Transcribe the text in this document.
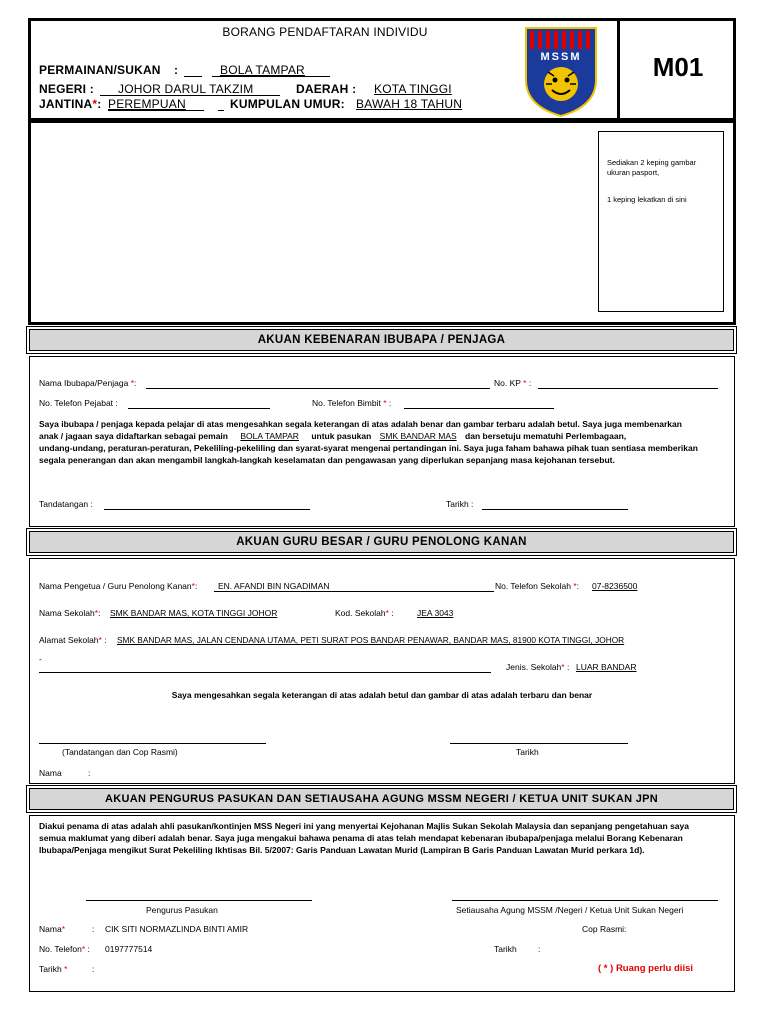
BORANG PENDAFTARAN INDIVIDU
PERMAINAN/SUKAN :	BOLA TAMPAR
NEGERI : JOHOR DARUL TAKZIM	DAERAH : KOTA TINGGI
JANTINA*: PEREMPUAN	KUMPULAN UMUR: BAWAH 18 TAHUN
MSSM	M01
Sediakan 2 keping gambar ukuran pasport,
1 keping lekatkan di sini
AKUAN KEBENARAN IBUBAPA / PENJAGA
Nama Ibubapa/Penjaga *:	No. KP * :
No. Telefon Pejabat :	No. Telefon Bimbit * :
Saya ibubapa / penjaga kepada pelajar di atas mengesahkan segala keterangan di atas adalah benar dan gambar terbaru adalah betul. Saya juga membenarkan
anak / jagaan saya didaftarkan sebagai pemain BOLA TAMPAR untuk pasukan SMK BANDAR MAS dan bersetuju mematuhi Perlembagaan,
undang-undang, peraturan-peraturan, Pekeliling-pekeliling dan syarat-syarat mengenai pertandingan ini. Saya juga faham bahawa pihak tuan sentiasa memberikan
segala penerangan dan akan mengambil langkah-langkah keselamatan dan pengawasan yang diperlukan sepanjang masa kejohanan tersebut.
Tandatangan :	Tarikh :
AKUAN GURU BESAR / GURU PENOLONG KANAN
Nama Pengetua / Guru Penolong Kanan*: EN. AFANDI BIN NGADIMAN	No. Telefon Sekolah *: 07-8236500
Nama Sekolah*: SMK BANDAR MAS, KOTA TINGGI JOHOR	Kod. Sekolah* :	JEA 3043
Alamat Sekolah* : SMK BANDAR MAS, JALAN CENDANA UTAMA, PETI SURAT POS BANDAR PENAWAR, BANDAR MAS, 81900 KOTA TINGGI, JOHOR
-
Jenis. Sekolah* : LUAR BANDAR
Saya mengesahkan segala keterangan di atas adalah betul dan gambar di atas adalah terbaru dan benar
(Tandatangan dan Cop Rasmi)	Tarikh
Nama	:
AKUAN PENGURUS PASUKAN DAN SETIAUSAHA AGUNG MSSM NEGERI / KETUA UNIT SUKAN JPN
Diakui penama di atas adalah ahli pasukan/kontinjen MSS Negeri ini yang menyertai Kejohanan Majlis Sukan Sekolah Malaysia dan sepanjang pengetahuan saya
semua maklumat yang diberi adalah benar. Saya juga mengakui bahawa penama di atas telah mendapat kebenaran ibubapa/penjaga melalui Borang Kebenaran
Ibubapa/Penjaga mengikut Surat Pekeliling Ikhtisas Bil. 5/2007: Garis Panduan Lawatan Murid (Lampiran B Garis Panduan Lawatan Murid perkara 1d).
Pengurus Pasukan	Setiausaha Agung MSSM /Negeri / Ketua Unit Sukan Negeri
Nama*	: CIK SITI NORMAZLINDA BINTI AMIR	Cop Rasmi:
No. Telefon* : 0197777514	Tarikh	:
Tarikh *	:	( * ) Ruang perlu diisi
